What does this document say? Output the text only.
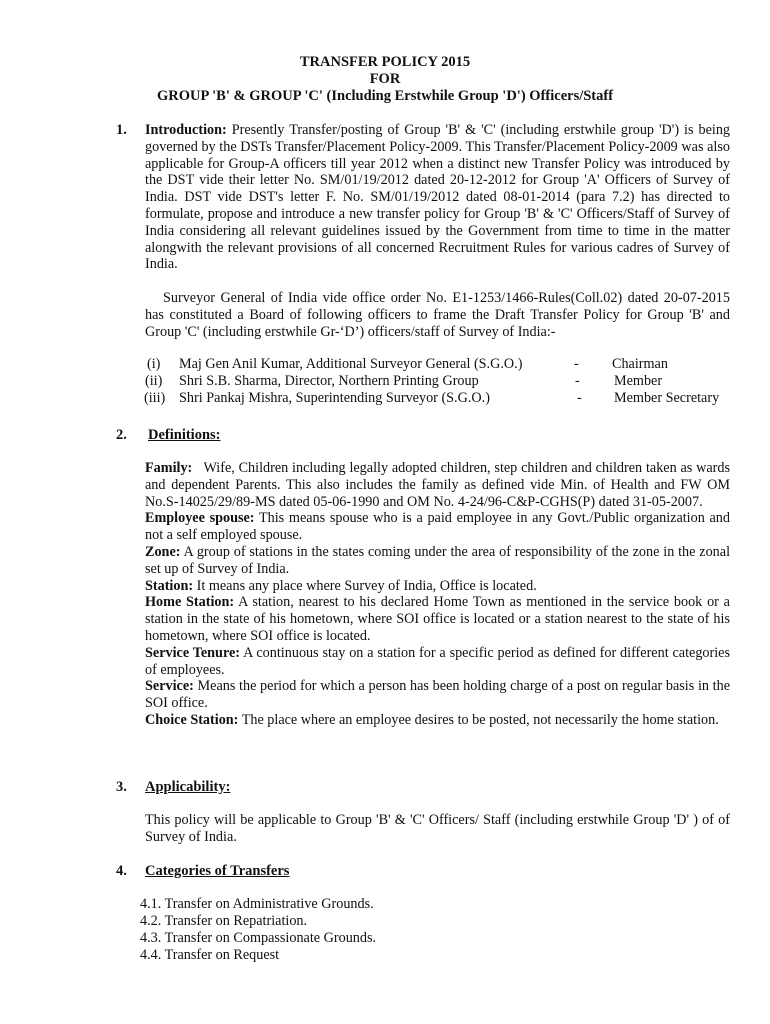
TRANSFER POLICY 2015
FOR
GROUP 'B' & GROUP 'C' (Including Erstwhile Group 'D') Officers/Staff
1. Introduction: Presently Transfer/posting of Group 'B' & 'C' (including erstwhile group 'D') is being governed by the DSTs Transfer/Placement Policy-2009. This Transfer/Placement Policy-2009 was also applicable for Group-A officers till year 2012 when a distinct new Transfer Policy was introduced by the DST vide their letter No. SM/01/19/2012 dated 20-12-2012 for Group 'A' Officers of Survey of India. DST vide DST's letter F. No. SM/01/19/2012 dated 08-01-2014 (para 7.2) has directed to formulate, propose and introduce a new transfer policy for Group 'B' & 'C' Officers/Staff of Survey of India considering all relevant guidelines issued by the Government from time to time in the matter alongwith the relevant provisions of all concerned Recruitment Rules for various cadres of Survey of India.

Surveyor General of India vide office order No. E1-1253/1466-Rules(Coll.02) dated 20-07-2015 has constituted a Board of following officers to frame the Draft Transfer Policy for Group 'B' and Group 'C' (including erstwhile Gr-‘D’) officers/staff of Survey of India:-

(i) Maj Gen Anil Kumar, Additional Surveyor General (S.G.O.)	- Chairman
(ii) Shri S.B. Sharma, Director, Northern Printing Group	- Member
(iii) Shri Pankaj Mishra, Superintending Surveyor (S.G.O.)	- Member Secretary
2. Definitions:

Family: Wife, Children including legally adopted children, step children and children taken as wards and dependent Parents. This also includes the family as defined vide Min. of Health and FW OM No.S-14025/29/89-MS dated 05-06-1990 and OM No. 4-24/96-C&P-CGHS(P) dated 31-05-2007.

Employee spouse: This means spouse who is a paid employee in any Govt./Public organization and not a self employed spouse.

Zone: A group of stations in the states coming under the area of responsibility of the zone in the zonal set up of Survey of India.

Station: It means any place where Survey of India, Office is located.

Home Station: A station, nearest to his declared Home Town as mentioned in the service book or a station in the state of his hometown, where SOI office is located or a station nearest to the state of his hometown, where SOI office is located.

Service Tenure: A continuous stay on a station for a specific period as defined for different categories of employees.

Service: Means the period for which a person has been holding charge of a post on regular basis in the SOI office.

Choice Station: The place where an employee desires to be posted, not necessarily the home station.

3. Applicability:

This policy will be applicable to Group 'B' & 'C' Officers/ Staff (including erstwhile Group 'D' ) of of Survey of India.

4. Categories of Transfers
4.1. Transfer on Administrative Grounds.
4.2. Transfer on Repatriation.
4.3. Transfer on Compassionate Grounds.
4.4. Transfer on Request
